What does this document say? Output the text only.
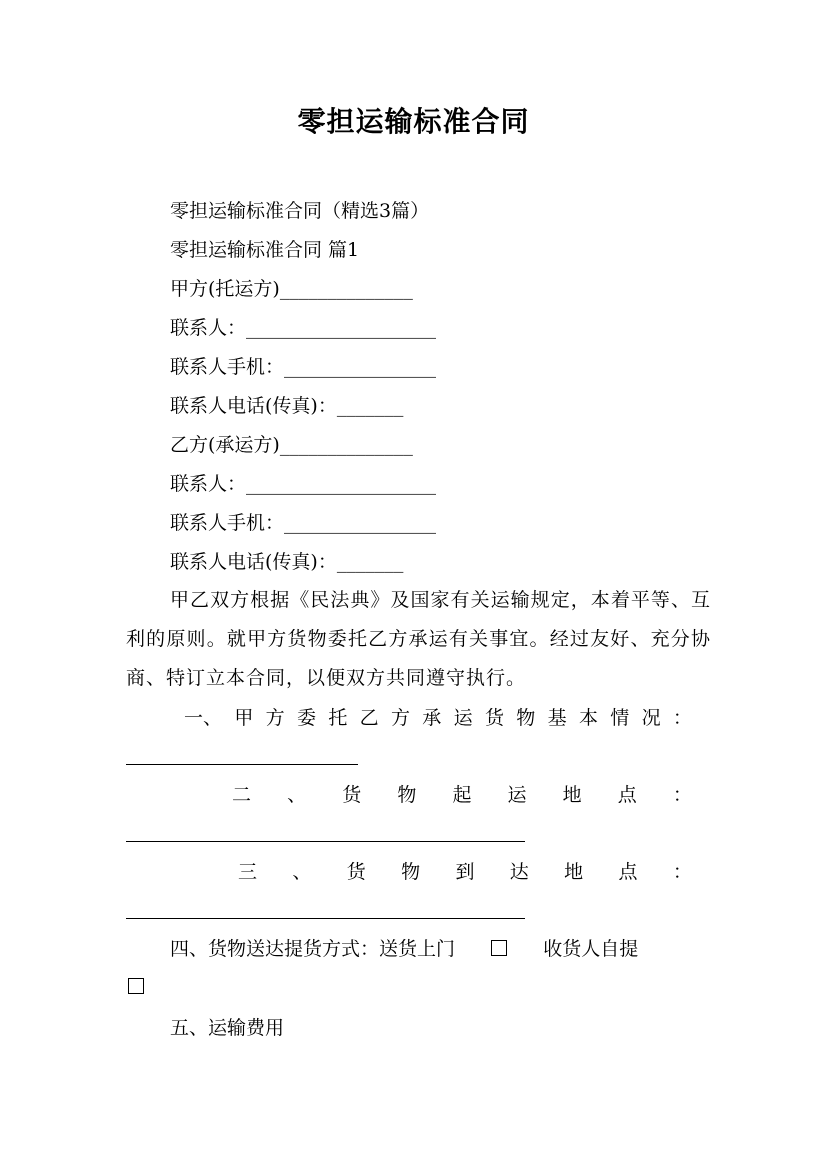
零担运输标准合同
零担运输标准合同（精选3篇）
零担运输标准合同 篇1
甲方(托运方)______________
联系人：____________________
联系人手机：________________
联系人电话(传真)：_______
乙方(承运方)______________
联系人：____________________
联系人手机：________________
联系人电话(传真)：_______
甲乙双方根据《民法典》及国家有关运输规定，本着平等、互利的原则。就甲方货物委托乙方承运有关事宜。经过友好、充分协商、特订立本合同，以便双方共同遵守执行。
一、 甲 方 委 托 乙 方 承 运 货 物 基 本 情 况 ：
二 、 货 物 起 运 地 点 ：
三 、 货 物 到 达 地 点 ：
四、货物送达提货方式：送货上门	收货人自提
五、运输费用
